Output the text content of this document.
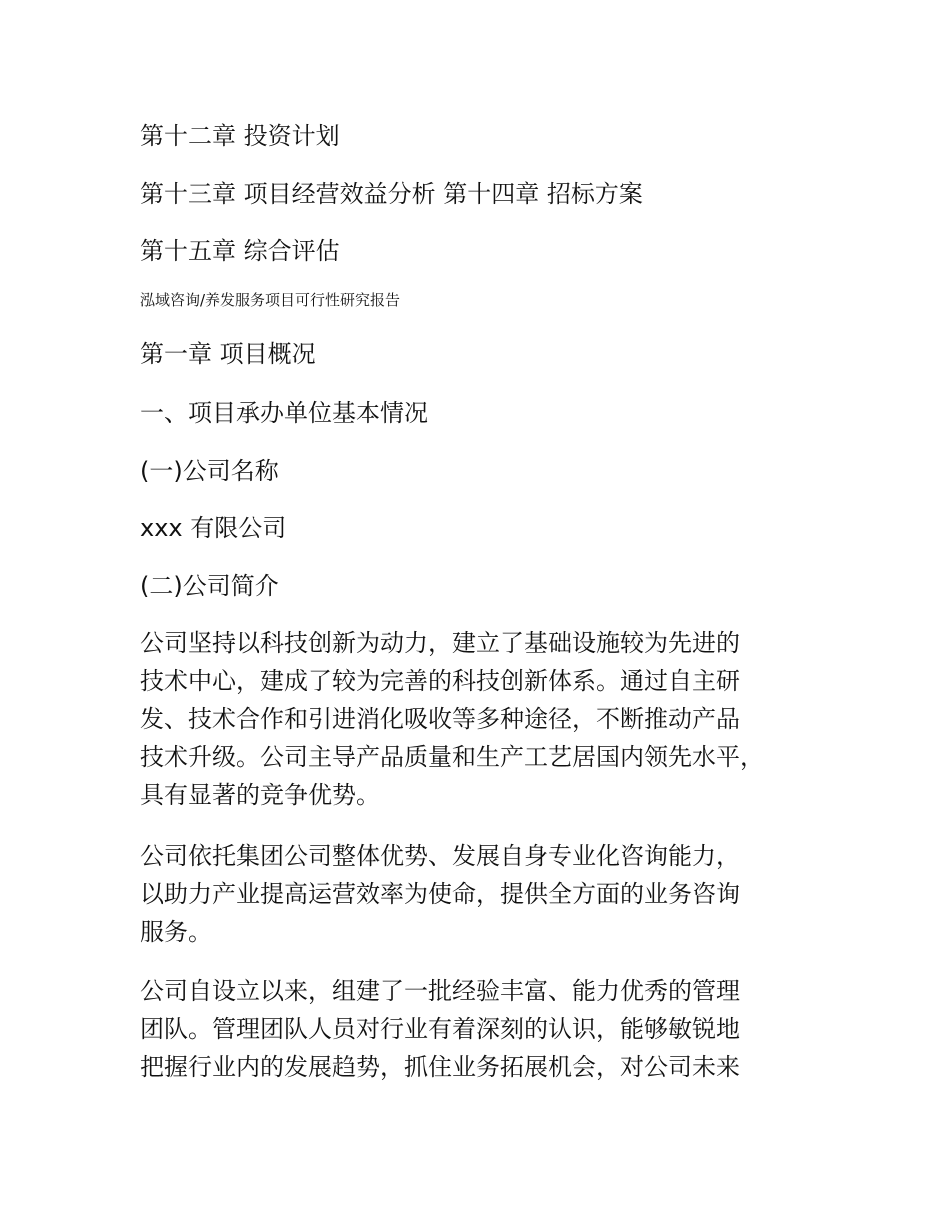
第十二章 投资计划
第十三章 项目经营效益分析 第十四章 招标方案
第十五章 综合评估
泓域咨询/养发服务项目可行性研究报告
第一章 项目概况
一、项目承办单位基本情况
(一)公司名称
xxx 有限公司
(二)公司简介
公司坚持以科技创新为动力，建立了基础设施较为先进的
技术中心，建成了较为完善的科技创新体系。通过自主研
发、技术合作和引进消化吸收等多种途径，不断推动产品
技术升级。公司主导产品质量和生产工艺居国内领先水平，
具有显著的竞争优势。
公司依托集团公司整体优势、发展自身专业化咨询能力，
以助力产业提高运营效率为使命，提供全方面的业务咨询
服务。
公司自设立以来，组建了一批经验丰富、能力优秀的管理
团队。管理团队人员对行业有着深刻的认识，能够敏锐地
把握行业内的发展趋势，抓住业务拓展机会，对公司未来
